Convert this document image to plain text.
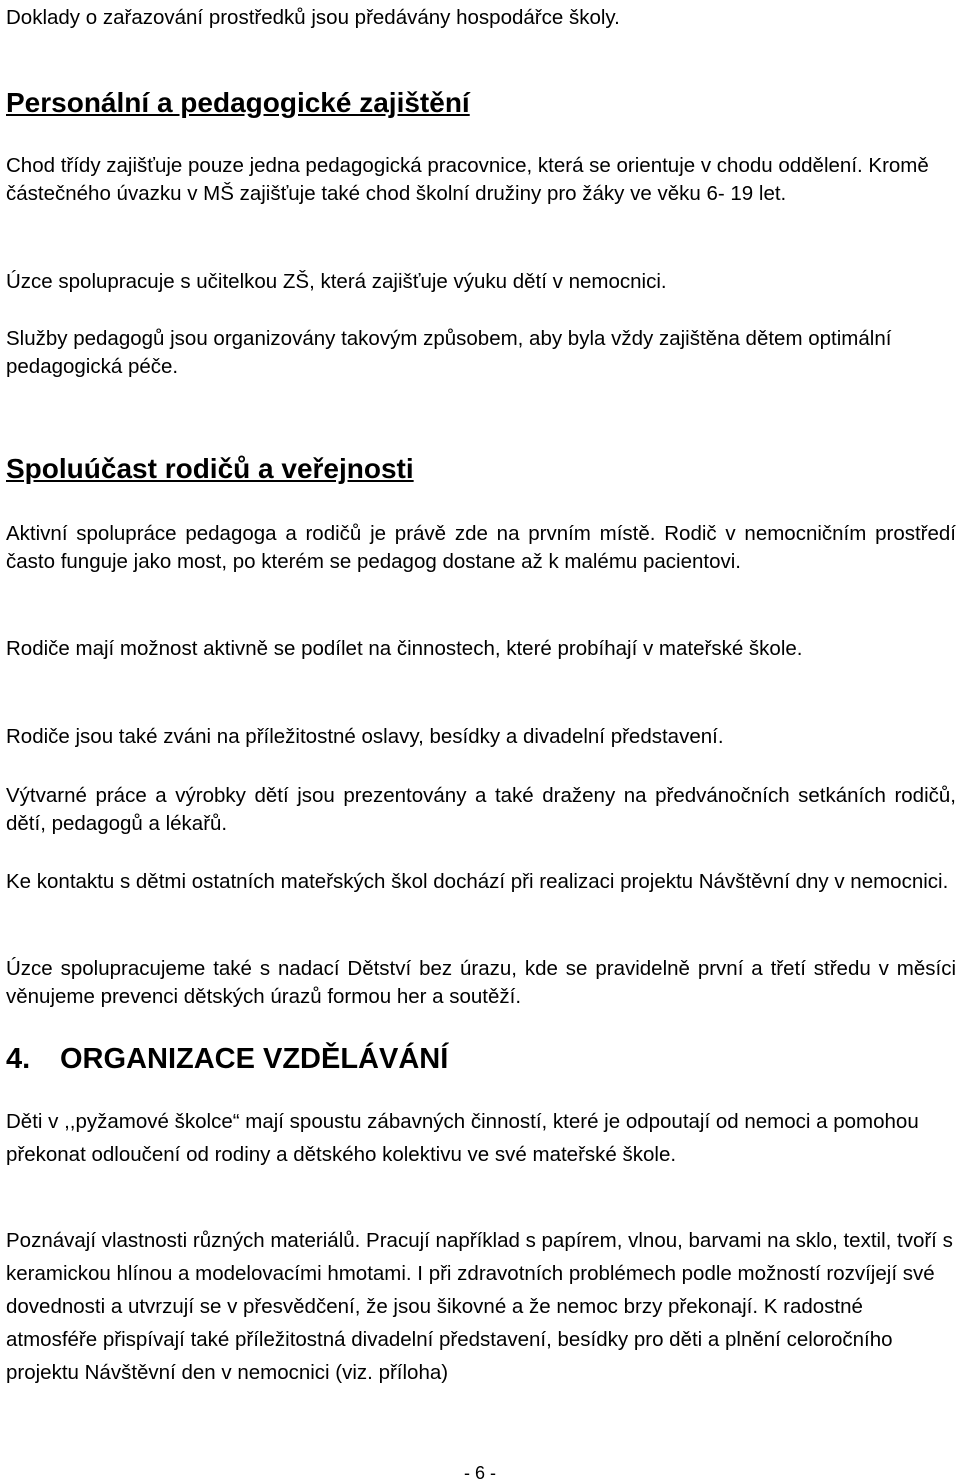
Doklady o zařazování prostředků jsou předávány hospodářce školy.

Personální a pedagogické zajištění

Chod třídy zajišťuje pouze jedna pedagogická pracovnice, která se orientuje v chodu oddělení. Kromě částečného úvazku v MŠ zajišťuje také chod školní družiny pro žáky ve věku 6- 19 let.

Úzce spolupracuje s učitelkou ZŠ, která zajišťuje výuku dětí v nemocnici.

Služby pedagogů jsou organizovány takovým způsobem, aby byla vždy zajištěna dětem optimální pedagogická péče.

Spoluúčast rodičů a veřejnosti

Aktivní spolupráce pedagoga a rodičů je právě zde na prvním místě. Rodič v nemocničním prostředí často funguje jako most, po kterém se pedagog dostane až k malému pacientovi.

Rodiče mají možnost aktivně se podílet na činnostech, které probíhají v mateřské škole.

Rodiče jsou také zváni na příležitostné oslavy, besídky a divadelní představení.

Výtvarné práce a výrobky dětí jsou prezentovány a také draženy na předvánočních setkáních rodičů, dětí, pedagogů a lékařů.

Ke kontaktu s dětmi ostatních mateřských škol dochází při realizaci projektu Návštěvní dny v nemocnici.

Úzce spolupracujeme také s nadací Dětství bez úrazu, kde se pravidelně první a třetí středu v měsíci věnujeme prevenci dětských úrazů formou her a soutěží.

4. ORGANIZACE VZDĚLÁVÁNÍ

Děti v ,,pyžamové školce“ mají spoustu zábavných činností, které je odpoutají od nemoci a pomohou překonat odloučení od rodiny a dětského kolektivu ve své mateřské škole.

Poznávají vlastnosti různých materiálů. Pracují například s papírem, vlnou, barvami na sklo, textil, tvoří s keramickou hlínou a modelovacími hmotami. I při zdravotních problémech podle možností rozvíjejí své dovednosti a utvrzují se v přesvědčení, že jsou šikovné a že nemoc brzy překonají. K radostné atmosféře přispívají také příležitostná divadelní představení, besídky pro děti a plnění celoročního projektu Návštěvní den v nemocnici (viz. příloha)

- 6 -
